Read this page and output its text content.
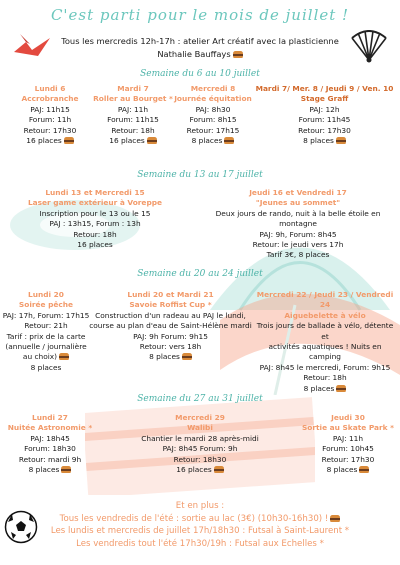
C'est parti pour le mois de juillet !
Tous les mercredis 12h-17h : atelier Art créatif avec la plasticienne
Nathalie Bauffays
Semaine du 6 au 10 juillet
Lundi 6
Accrobranche
PAJ: 11h15
Forum: 11h
Retour: 17h30
16 places
Mardi 7
Roller au Bourget *
PAJ: 11h
Forum: 11h15
Retour: 18h
16 places
Mercredi 8
Journée équitation
PAJ: 8h30
Forum: 8h15
Retour: 17h15
8 places
Mardi 7/ Mer. 8 / Jeudi 9 / Ven. 10
Stage Graff
PAJ: 12h
Forum: 11h45
Retour: 17h30
8 places
Semaine du 13 au 17 juillet
Lundi 13 et Mercredi 15
Laser game extérieur à Voreppe
Inscription pour le 13 ou le 15
PAJ : 13h15, Forum : 13h
Retour: 18h
16 places
Jeudi 16 et Vendredi 17
"Jeunes au sommet"
Deux jours de rando, nuit à la belle étoile en montagne
PAJ: 9h, Forum: 8h45
Retour: le jeudi vers 17h
Tarif 3€, 8 places
Semaine du 20 au 24 juillet
Lundi 20
Soirée pêche
PAJ: 17h, Forum: 17h15
Retour: 21h
Tarif : prix de la carte
(annuelle / journalière
au choix)
8 places
Lundi 20 et Mardi 21
Savoie Roffist Cup *
Construction d'un radeau au PAJ le lundi,
course au plan d'eau de Saint-Hélène mardi
PAJ: 9h Forum: 9h15
Retour: vers 18h
8 places
Mercredi 22 / Jeudi 23 / Vendredi 24
Aiguebelette à vélo
Trois jours de ballade à vélo, détente et
activités aquatiques ! Nuits en camping
PAJ: 8h45 le mercredi, Forum: 9h15
Retour: 18h
8 places
Semaine du 27 au 31 juillet
Lundi 27
Nuitée Astronomie *
PAJ: 18h45
Forum: 18h30
Retour: mardi 9h
8 places
Mercredi 29
Walibi
Chantier le mardi 28 après-midi
PAJ: 8h45 Forum: 9h
Retour: 18h30
16 places
Jeudi 30
Sortie au Skate Park *
PAJ: 11h
Forum: 10h45
Retour: 17h30
8 places
Et en plus :
Tous les vendredis de l'été : sortie au lac (3€) (10h30-16h30) !
Les lundis et mercredis de juillet 17h/18h30 : Futsal à Saint-Laurent *
Les vendredis tout l'été 17h30/19h : Futsal aux Echelles *
